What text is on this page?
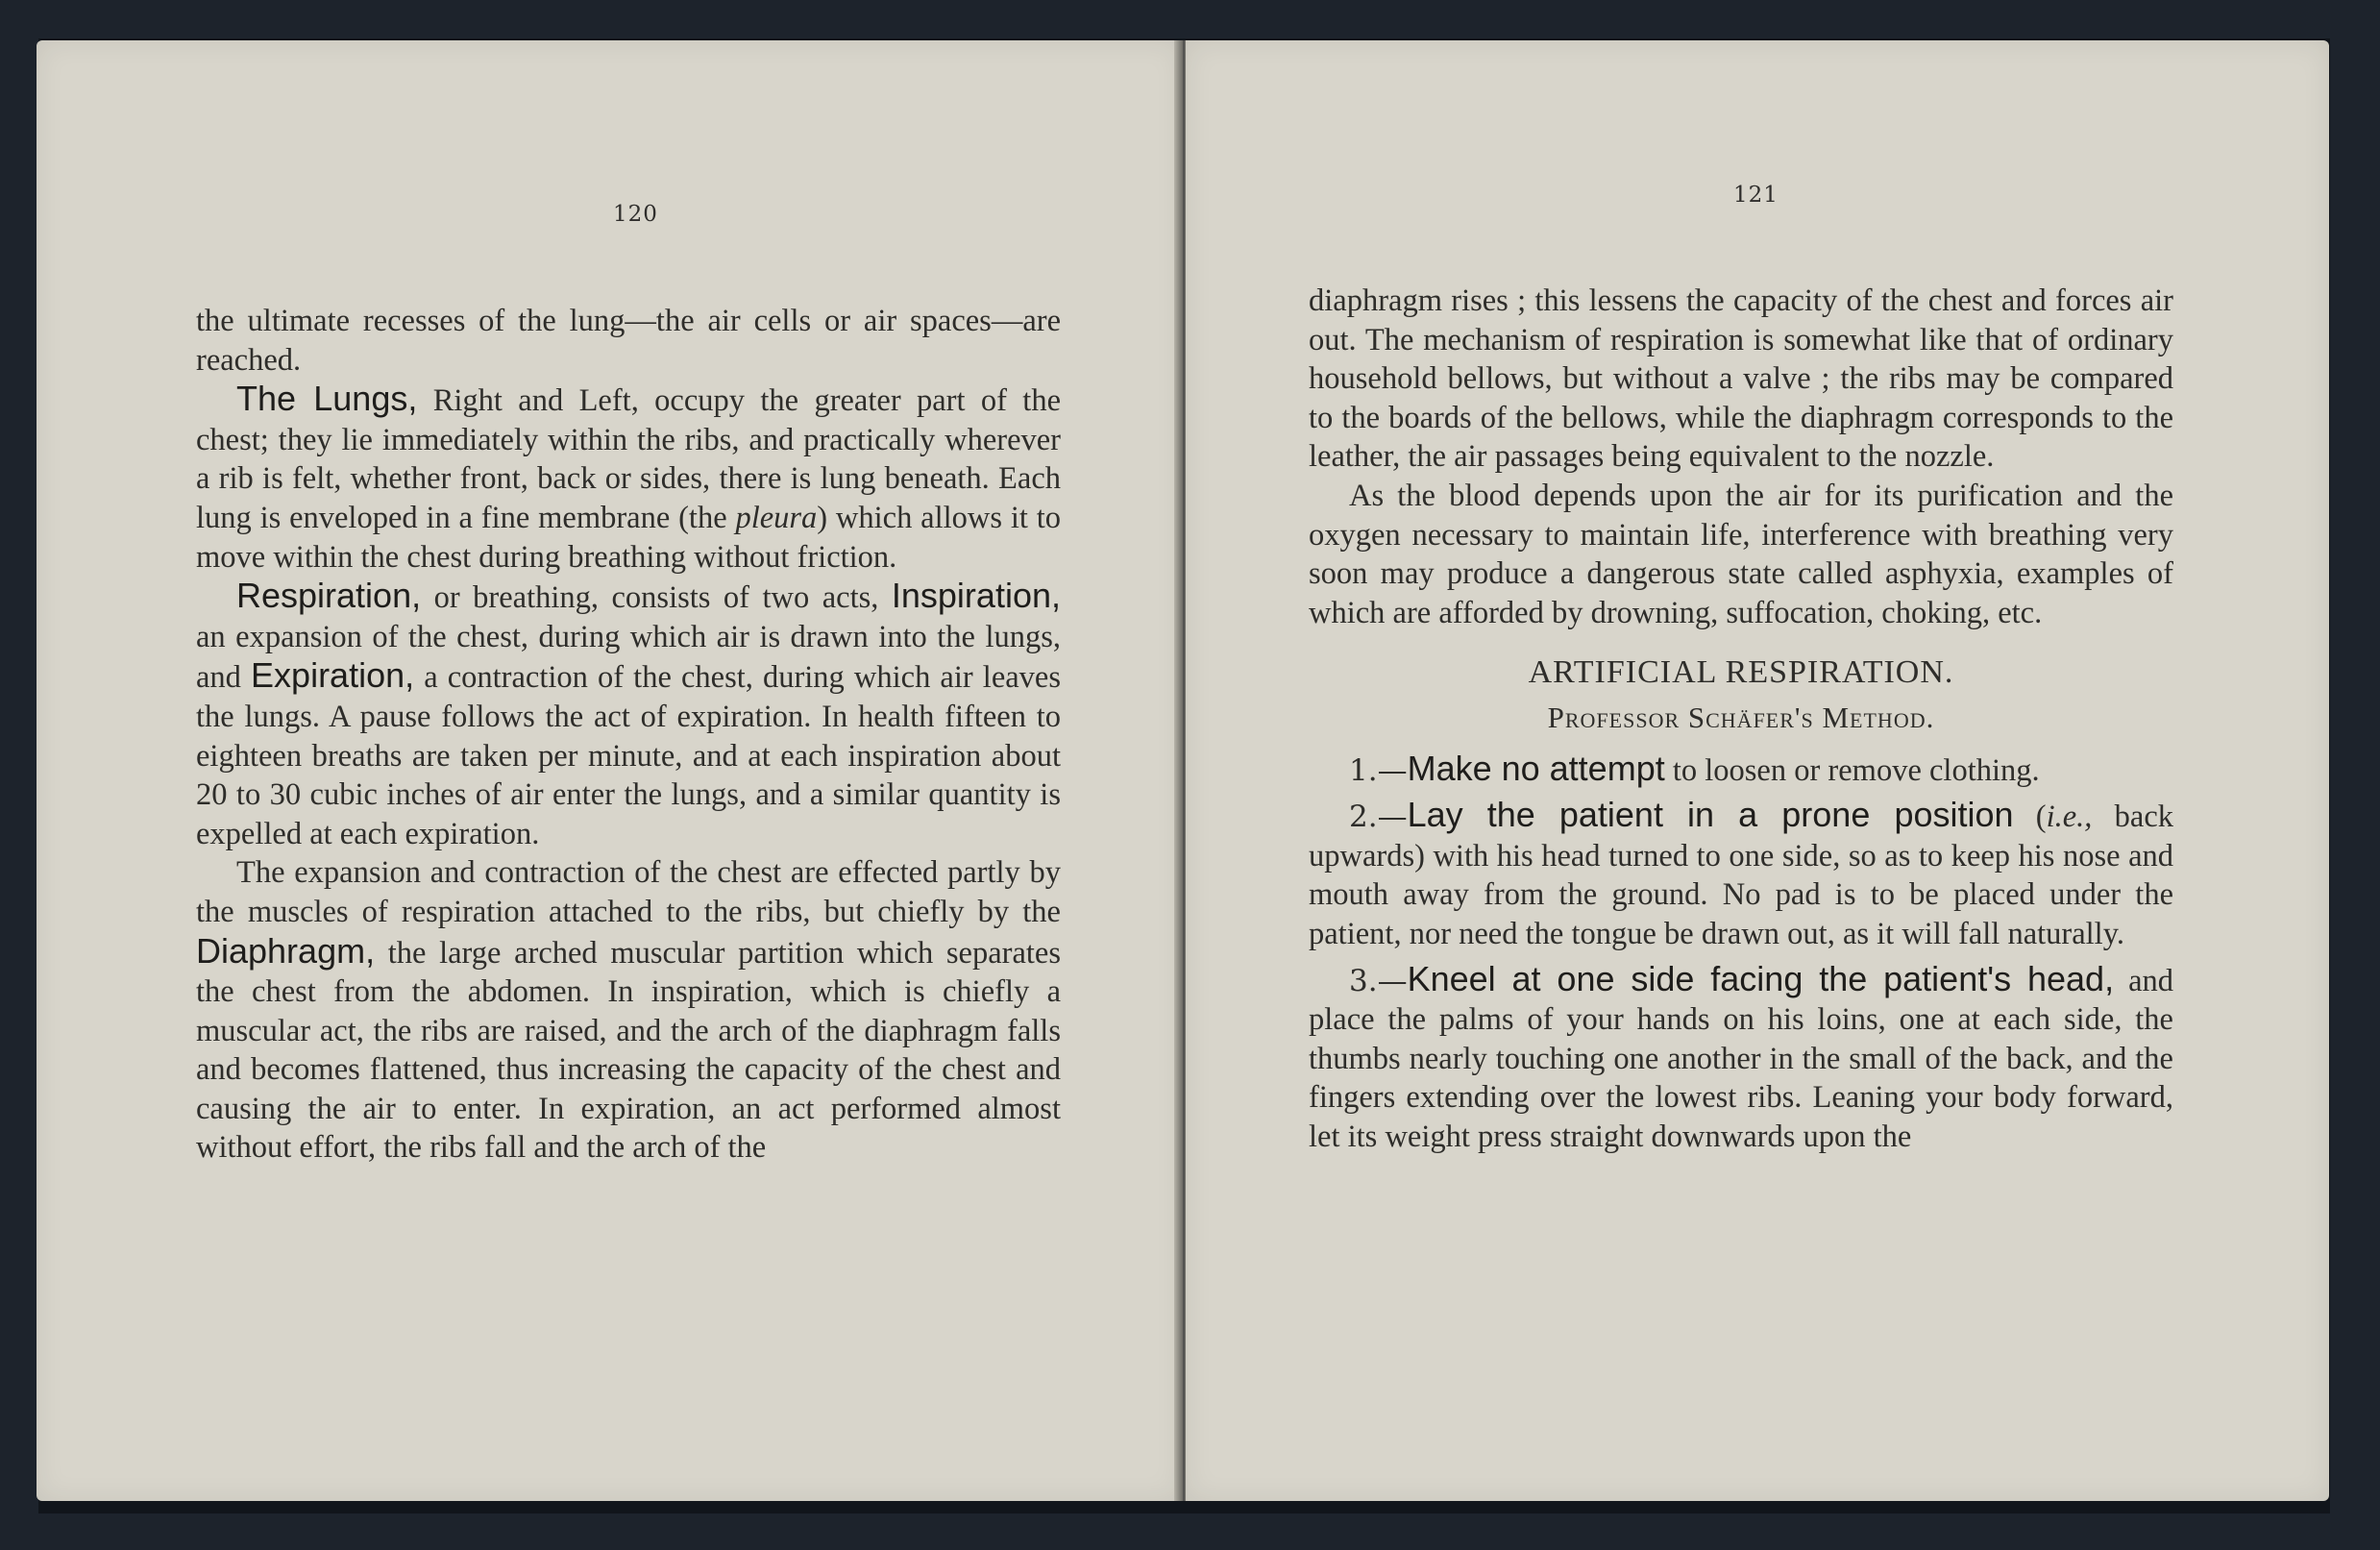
120

the ultimate recesses of the lung—the air cells or air spaces—are reached.

The Lungs, Right and Left, occupy the greater part of the chest; they lie immediately within the ribs, and practically wherever a rib is felt, whether front, back or sides, there is lung beneath. Each lung is enveloped in a fine membrane (the pleura) which allows it to move within the chest during breathing without friction.

Respiration, or breathing, consists of two acts, Inspiration, an expansion of the chest, during which air is drawn into the lungs, and Expiration, a contraction of the chest, during which air leaves the lungs. A pause follows the act of expiration. In health fifteen to eighteen breaths are taken per minute, and at each inspiration about 20 to 30 cubic inches of air enter the lungs, and a similar quantity is expelled at each expiration.

The expansion and contraction of the chest are effected partly by the muscles of respiration attached to the ribs, but chiefly by the Diaphragm, the large arched muscular partition which separates the chest from the abdomen. In inspiration, which is chiefly a muscular act, the ribs are raised, and the arch of the diaphragm falls and becomes flattened, thus increasing the capacity of the chest and causing the air to enter. In expiration, an act performed almost without effort, the ribs fall and the arch of the

121

diaphragm rises ; this lessens the capacity of the chest and forces air out. The mechanism of respiration is somewhat like that of ordinary household bellows, but without a valve ; the ribs may be compared to the boards of the bellows, while the diaphragm corresponds to the leather, the air passages being equivalent to the nozzle.

As the blood depends upon the air for its purification and the oxygen necessary to maintain life, interference with breathing very soon may produce a dangerous state called asphyxia, examples of which are afforded by drowning, suffocation, choking, etc.

ARTIFICIAL RESPIRATION.
Professor Schäfer's Method.

1.—Make no attempt to loosen or remove clothing.

2.—Lay the patient in a prone position (i.e., back upwards) with his head turned to one side, so as to keep his nose and mouth away from the ground. No pad is to be placed under the patient, nor need the tongue be drawn out, as it will fall naturally.

3.—Kneel at one side facing the patient's head, and place the palms of your hands on his loins, one at each side, the thumbs nearly touching one another in the small of the back, and the fingers extending over the lowest ribs. Leaning your body forward, let its weight press straight downwards upon the
